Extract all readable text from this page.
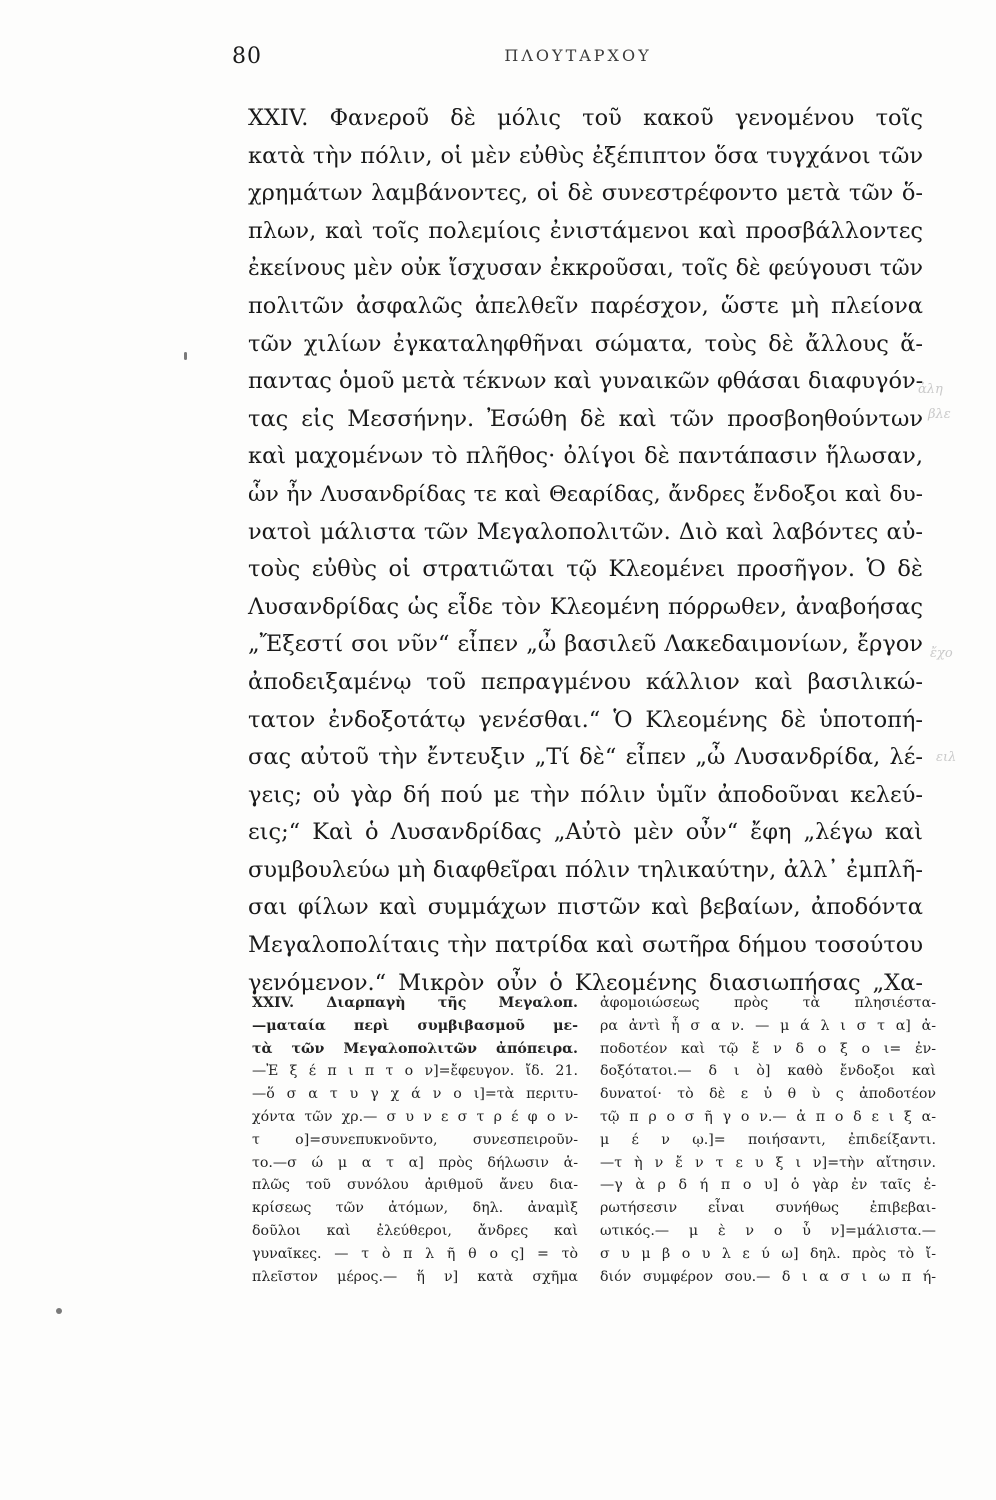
80	ΠΛΟΥΤΑΡΧΟΥ
XXIV. Φανεροῦ δὲ μόλις τοῦ κακοῦ γενομένου τοῖς
κατὰ τὴν πόλιν, οἱ μὲν εὐθὺς ἐξέπιπτον ὅσα τυγχάνοι τῶν
χρημάτων λαμβάνοντες, οἱ δὲ συνεστρέφοντο μετὰ τῶν ὅ-
πλων, καὶ τοῖς πολεμίοις ἐνιστάμενοι καὶ προσβάλλοντες
ἐκείνους μὲν οὐκ ἴσχυσαν ἐκκροῦσαι, τοῖς δὲ φεύγουσι τῶν
πολιτῶν ἀσφαλῶς ἀπελθεῖν παρέσχον, ὥστε μὴ πλείονα
τῶν χιλίων ἐγκαταληφθῆναι σώματα, τοὺς δὲ ἄλλους ἅ-
παντας ὁμοῦ μετὰ τέκνων καὶ γυναικῶν φθάσαι διαφυγόν-
τας εἰς Μεσσήνην. Ἐσώθη δὲ καὶ τῶν προσβοηθούντων
καὶ μαχομένων τὸ πλῆθος· ὀλίγοι δὲ παντάπασιν ἥλωσαν,
ὧν ἦν Λυσανδρίδας τε καὶ Θεαρίδας, ἄνδρες ἔνδοξοι καὶ δυ-
νατοὶ μάλιστα τῶν Μεγαλοπολιτῶν. Διὸ καὶ λαβόντες αὐ-
τοὺς εὐθὺς οἱ στρατιῶται τῷ Κλεομένει προσῆγον. Ὁ δὲ
Λυσανδρίδας ὡς εἶδε τὸν Κλεομένη πόρρωθεν, ἀναβοήσας
„Ἔξεστί σοι νῦν“ εἶπεν „ὦ βασιλεῦ Λακεδαιμονίων, ἔργον
ἀποδειξαμένῳ τοῦ πεπραγμένου κάλλιον καὶ βασιλικώ-
τατον ἐνδοξοτάτῳ γενέσθαι.“ Ὁ Κλεομένης δὲ ὑποτοπή-
σας αὐτοῦ τὴν ἔντευξιν „Τί δὲ“ εἶπεν „ὦ Λυσανδρίδα, λέ-
γεις; οὐ γὰρ δή πού με τὴν πόλιν ὑμῖν ἀποδοῦναι κελεύ-
εις;“ Καὶ ὁ Λυσανδρίδας „Αὐτὸ μὲν οὖν“ ἔφη „λέγω καὶ
συμβουλεύω μὴ διαφθεῖραι πόλιν τηλικαύτην, ἀλλ᾽ ἐμπλῆ-
σαι φίλων καὶ συμμάχων πιστῶν καὶ βεβαίων, ἀποδόντα
Μεγαλοπολίταις τὴν πατρίδα καὶ σωτῆρα δήμου τοσούτου
γενόμενον.“ Μικρὸν οὖν ὁ Κλεομένης διασιωπήσας „Χα-
XXIV. Διαρπαγὴ τῆς Μεγαλοπ.
—ματαία περὶ συμβιβασμοῦ με-
τὰ τῶν Μεγαλοπολιτῶν ἀπόπειρα.
—Ἐ ξ έ π ι π τ ο ν]=ἔφευγον. ἴδ. 21.
—ὅ σ α τ υ γ χ ά ν ο ι]=τὰ περιτυ-
χόντα τῶν χρ.— σ υ ν ε σ τ ρ έ φ ο ν-
τ ο]=συνεπυκνοῦντο, συνεσπειροῦν-
το.—σ ώ μ α τ α] πρὸς δήλωσιν ἁ-
πλῶς τοῦ συνόλου ἀριθμοῦ ἄνευ δια-
κρίσεως τῶν ἀτόμων, δηλ. ἀναμὶξ
δοῦλοι καὶ ἐλεύθεροι, ἄνδρες καὶ
γυναῖκες. — τ ὸ π λ ῆ θ ο ς] = τὸ
πλεῖστον μέρος.— ἥ ν] κατὰ σχῆμα
ἀφομοιώσεως πρὸς τὰ πλησιέστα-
ρα ἀντὶ ἧ σ α ν. — μ ά λ ι σ τ α] ἀ-
ποδοτέον καὶ τῷ ἔ ν δ ο ξ ο ι= ἐν-
δοξότατοι.— δ ι ὸ] καθὸ ἔνδοξοι καὶ
δυνατοί· τὸ δὲ ε ὐ θ ὺ ς ἀποδοτέον
τῷ π ρ ο σ ῆ γ ο ν.— ἀ π ο δ ε ι ξ α-
μ έ ν ῳ.]= ποιήσαντι, ἐπιδείξαντι.
—τ ὴ ν ἔ ν τ ε υ ξ ι ν]=τὴν αἴτησιν.
—γ ὰ ρ δ ή π ο υ] ὁ γὰρ ἐν ταῖς ἐ-
ρωτήσεσιν εἶναι συνήθως ἐπιβεβαι-
ωτικός.— μ ὲ ν ο ὖ ν]=μάλιστα.—
σ υ μ β ο υ λ ε ύ ω] δηλ. πρὸς τὸ ἴ-
διόν συμφέρον σου.— δ ι α σ ι ω π ή-
ἀλη
βλε
ἔχο
ειλ
